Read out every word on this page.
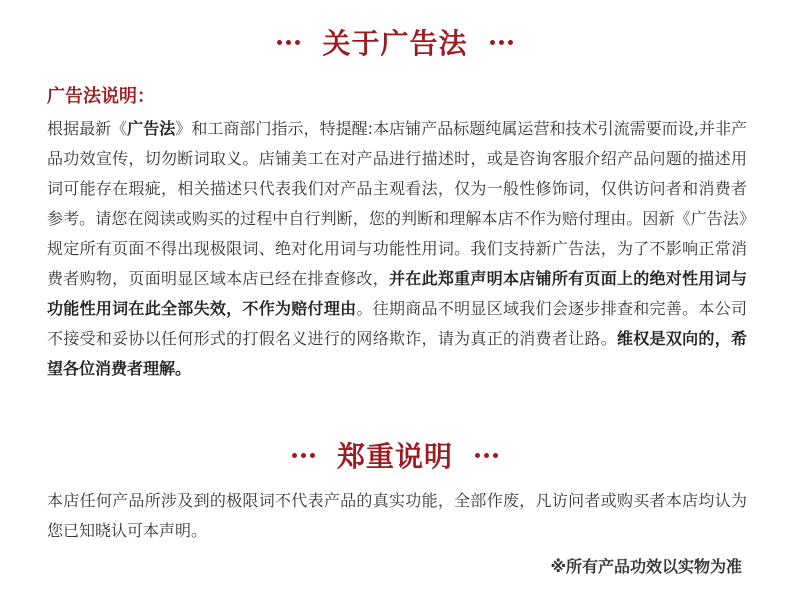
关于广告法
广告法说明：
根据最新《广告法》和工商部门指示，特提醒:本店铺产品标题纯属运营和技术引流需要而设,并非产品功效宣传，切勿断词取义。店铺美工在对产品进行描述时，或是咨询客服介绍产品问题的描述用词可能存在瑕疵，相关描述只代表我们对产品主观看法，仅为一般性修饰词，仅供访问者和消费者参考。请您在阅读或购买的过程中自行判断，您的判断和理解本店不作为赔付理由。因新《广告法》规定所有页面不得出现极限词、绝对化用词与功能性用词。我们支持新广告法，为了不影响正常消费者购物，页面明显区域本店已经在排查修改，并在此郑重声明本店铺所有页面上的绝对性用词与功能性用词在此全部失效，不作为赔付理由。往期商品不明显区域我们会逐步排查和完善。本公司不接受和妥协以任何形式的打假名义进行的网络欺诈，请为真正的消费者让路。维权是双向的，希望各位消费者理解。
郑重说明
本店任何产品所涉及到的极限词不代表产品的真实功能，全部作废，凡访问者或购买者本店均认为您已知晓认可本声明。
※所有产品功效以实物为准
